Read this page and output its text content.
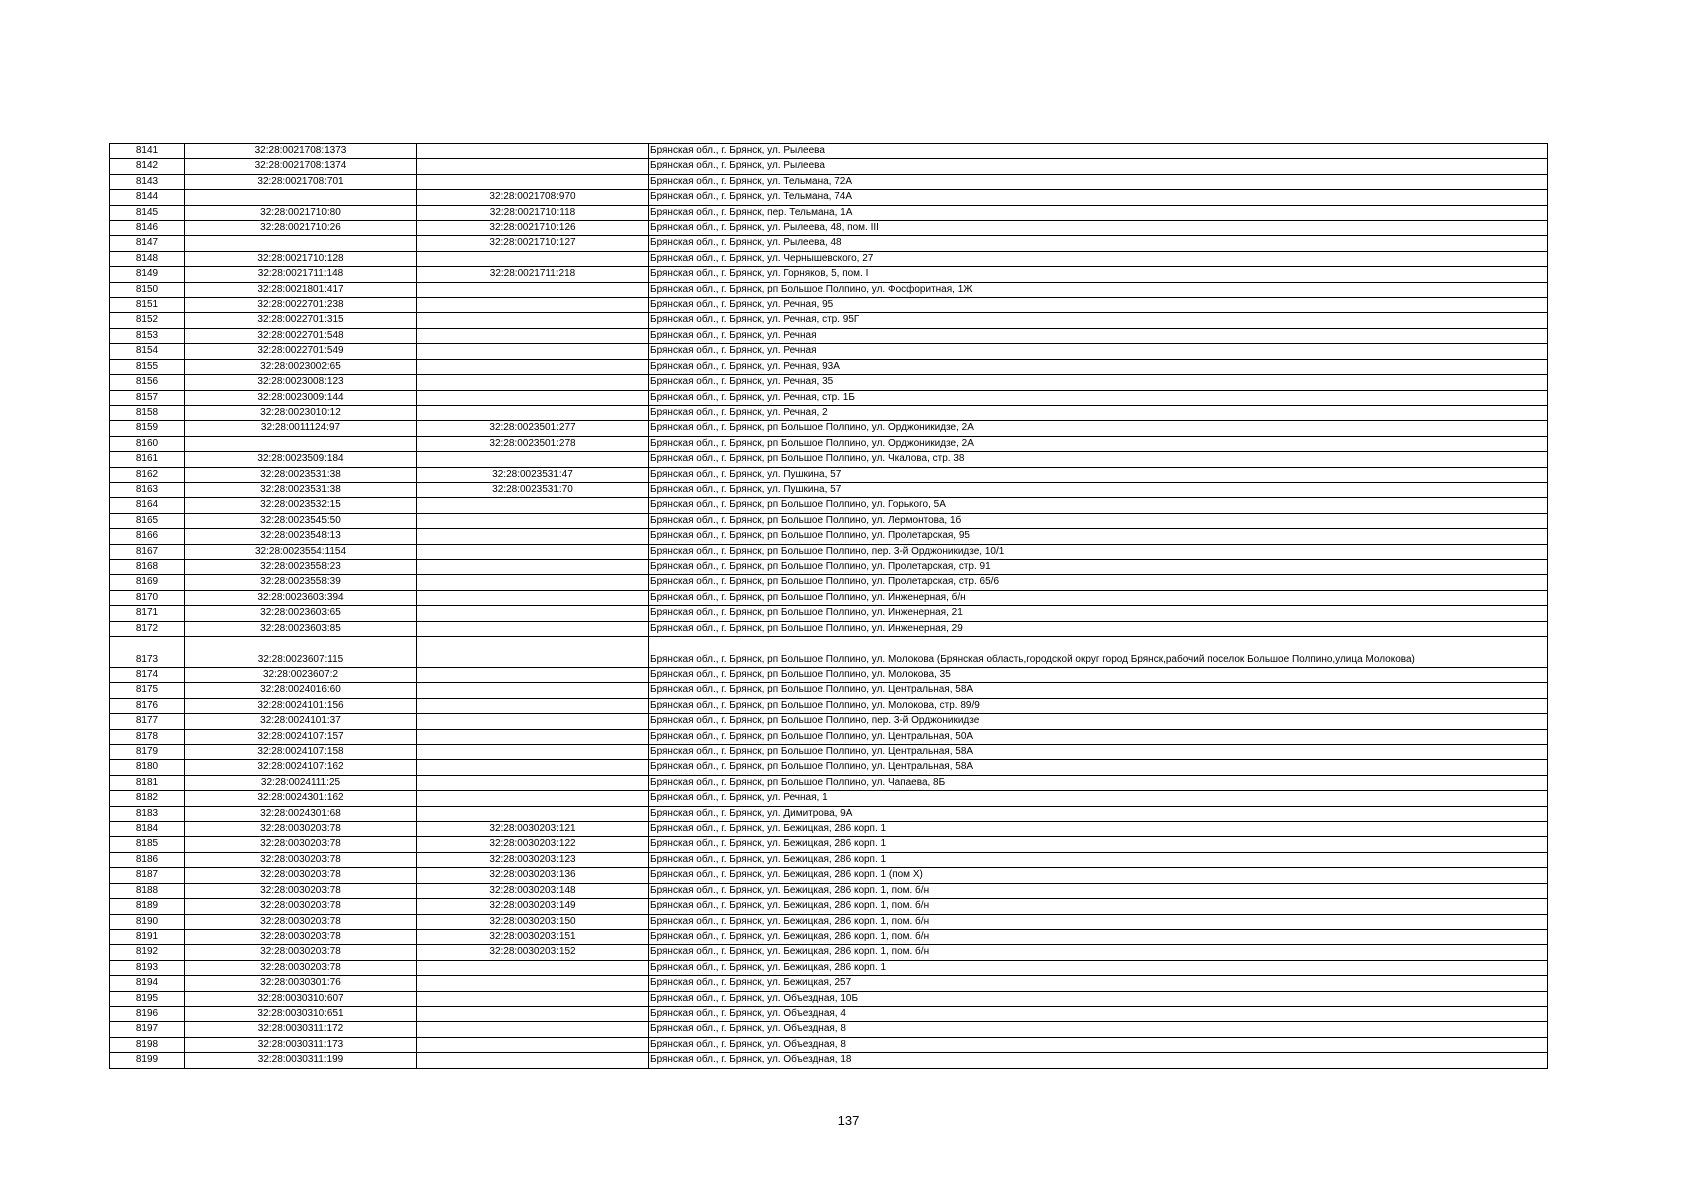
8141	32:28:0021708:1373		Брянская обл., г. Брянск, ул. Рылеева
8142	32:28:0021708:1374		Брянская обл., г. Брянск, ул. Рылеева
8143	32:28:0021708:701		Брянская обл., г. Брянск, ул. Тельмана, 72А
8144		32:28:0021708:970	Брянская обл., г. Брянск, ул. Тельмана, 74А
8145	32:28:0021710:80	32:28:0021710:118	Брянская обл., г. Брянск, пер. Тельмана, 1А
8146	32:28:0021710:26	32:28:0021710:126	Брянская обл., г. Брянск, ул. Рылеева, 48, пом. III
8147		32:28:0021710:127	Брянская обл., г. Брянск, ул. Рылеева, 48
8148	32:28:0021710:128		Брянская обл., г. Брянск, ул. Чернышевского, 27
8149	32:28:0021711:148	32:28:0021711:218	Брянская обл., г. Брянск, ул. Горняков, 5, пом. I
8150	32:28:0021801:417		Брянская обл., г. Брянск, рп Большое Полпино, ул. Фосфоритная, 1Ж
8151	32:28:0022701:238		Брянская обл., г. Брянск, ул. Речная, 95
8152	32:28:0022701:315		Брянская обл., г. Брянск, ул. Речная, стр. 95Г
8153	32:28:0022701:548		Брянская обл., г. Брянск, ул. Речная
8154	32:28:0022701:549		Брянская обл., г. Брянск, ул. Речная
8155	32:28:0023002:65		Брянская обл., г. Брянск, ул. Речная, 93А
8156	32:28:0023008:123		Брянская обл., г. Брянск, ул. Речная, 35
8157	32:28:0023009:144		Брянская обл., г. Брянск, ул. Речная, стр. 1Б
8158	32:28:0023010:12		Брянская обл., г. Брянск, ул. Речная, 2
8159	32:28:0011124:97	32:28:0023501:277	Брянская обл., г. Брянск, рп Большое Полпино, ул. Орджоникидзе, 2А
8160		32:28:0023501:278	Брянская обл., г. Брянск, рп Большое Полпино, ул. Орджоникидзе, 2А
8161	32:28:0023509:184		Брянская обл., г. Брянск, рп Большое Полпино, ул. Чкалова, стр. 38
8162	32:28:0023531:38	32:28:0023531:47	Брянская обл., г. Брянск, ул. Пушкина, 57
8163	32:28:0023531:38	32:28:0023531:70	Брянская обл., г. Брянск, ул. Пушкина, 57
8164	32:28:0023532:15		Брянская обл., г. Брянск, рп Большое Полпино, ул. Горького, 5А
8165	32:28:0023545:50		Брянская обл., г. Брянск, рп Большое Полпино, ул. Лермонтова, 1б
8166	32:28:0023548:13		Брянская обл., г. Брянск, рп Большое Полпино, ул. Пролетарская, 95
8167	32:28:0023554:1154		Брянская обл., г. Брянск, рп Большое Полпино, пер. 3-й Орджоникидзе, 10/1
8168	32:28:0023558:23		Брянская обл., г. Брянск, рп Большое Полпино, ул. Пролетарская, стр. 91
8169	32:28:0023558:39		Брянская обл., г. Брянск, рп Большое Полпино, ул. Пролетарская, стр. 65/6
8170	32:28:0023603:394		Брянская обл., г. Брянск, рп Большое Полпино, ул. Инженерная, б/н
8171	32:28:0023603:65		Брянская обл., г. Брянск, рп Большое Полпино, ул. Инженерная, 21
8172	32:28:0023603:85		Брянская обл., г. Брянск, рп Большое Полпино, ул. Инженерная, 29
8173	32:28:0023607:115		Брянская обл., г. Брянск, рп Большое Полпино, ул. Молокова (Брянская область,городской округ город Брянск,рабочий поселок Большое Полпино,улица Молокова)
8174	32:28:0023607:2		Брянская обл., г. Брянск, рп Большое Полпино, ул. Молокова, 35
8175	32:28:0024016:60		Брянская обл., г. Брянск, рп Большое Полпино, ул. Центральная, 58А
8176	32:28:0024101:156		Брянская обл., г. Брянск, рп Большое Полпино, ул. Молокова, стр. 89/9
8177	32:28:0024101:37		Брянская обл., г. Брянск, рп Большое Полпино, пер. 3-й Орджоникидзе
8178	32:28:0024107:157		Брянская обл., г. Брянск, рп Большое Полпино, ул. Центральная, 50А
8179	32:28:0024107:158		Брянская обл., г. Брянск, рп Большое Полпино, ул. Центральная, 58А
8180	32:28:0024107:162		Брянская обл., г. Брянск, рп Большое Полпино, ул. Центральная, 58А
8181	32:28:0024111:25		Брянская обл., г. Брянск, рп Большое Полпино, ул. Чапаева, 8Б
8182	32:28:0024301:162		Брянская обл., г. Брянск, ул. Речная, 1
8183	32:28:0024301:68		Брянская обл., г. Брянск, ул. Димитрова, 9А
8184	32:28:0030203:78	32:28:0030203:121	Брянская обл., г. Брянск, ул. Бежицкая, 286 корп. 1
8185	32:28:0030203:78	32:28:0030203:122	Брянская обл., г. Брянск, ул. Бежицкая, 286 корп. 1
8186	32:28:0030203:78	32:28:0030203:123	Брянская обл., г. Брянск, ул. Бежицкая, 286 корп. 1
8187	32:28:0030203:78	32:28:0030203:136	Брянская обл., г. Брянск, ул. Бежицкая, 286 корп. 1 (пом X)
8188	32:28:0030203:78	32:28:0030203:148	Брянская обл., г. Брянск, ул. Бежицкая, 286 корп. 1, пом. б/н
8189	32:28:0030203:78	32:28:0030203:149	Брянская обл., г. Брянск, ул. Бежицкая, 286 корп. 1, пом. б/н
8190	32:28:0030203:78	32:28:0030203:150	Брянская обл., г. Брянск, ул. Бежицкая, 286 корп. 1, пом. б/н
8191	32:28:0030203:78	32:28:0030203:151	Брянская обл., г. Брянск, ул. Бежицкая, 286 корп. 1, пом. б/н
8192	32:28:0030203:78	32:28:0030203:152	Брянская обл., г. Брянск, ул. Бежицкая, 286 корп. 1, пом. б/н
8193	32:28:0030203:78		Брянская обл., г. Брянск, ул. Бежицкая, 286 корп. 1
8194	32:28:0030301:76		Брянская обл., г. Брянск, ул. Бежицкая, 257
8195	32:28:0030310:607		Брянская обл., г. Брянск, ул. Объездная, 10Б
8196	32:28:0030310:651		Брянская обл., г. Брянск, ул. Объездная, 4
8197	32:28:0030311:172		Брянская обл., г. Брянск, ул. Объездная, 8
8198	32:28:0030311:173		Брянская обл., г. Брянск, ул. Объездная, 8
8199	32:28:0030311:199		Брянская обл., г. Брянск, ул. Объездная, 18
137
